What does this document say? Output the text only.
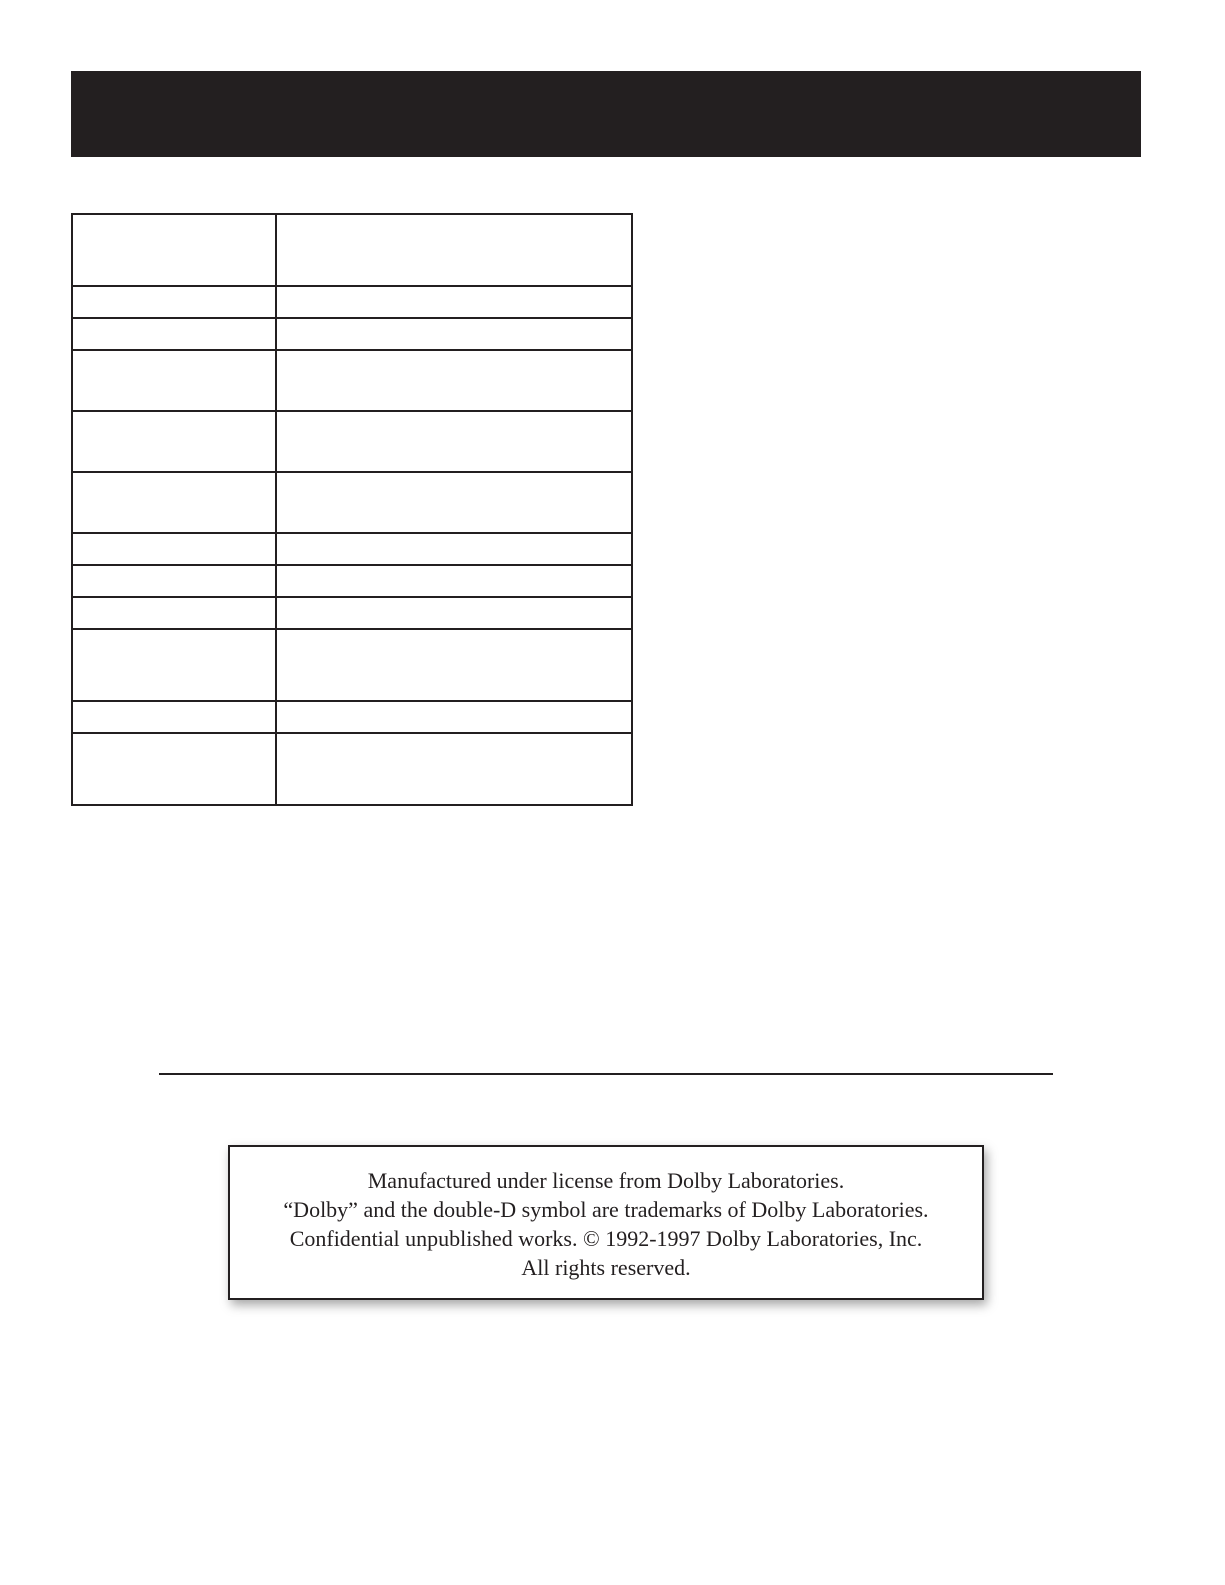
Manufactured under license from Dolby Laboratories.
“Dolby” and the double-D symbol are trademarks of Dolby Laboratories.
Confidential unpublished works. © 1992-1997 Dolby Laboratories, Inc.
All rights reserved.
